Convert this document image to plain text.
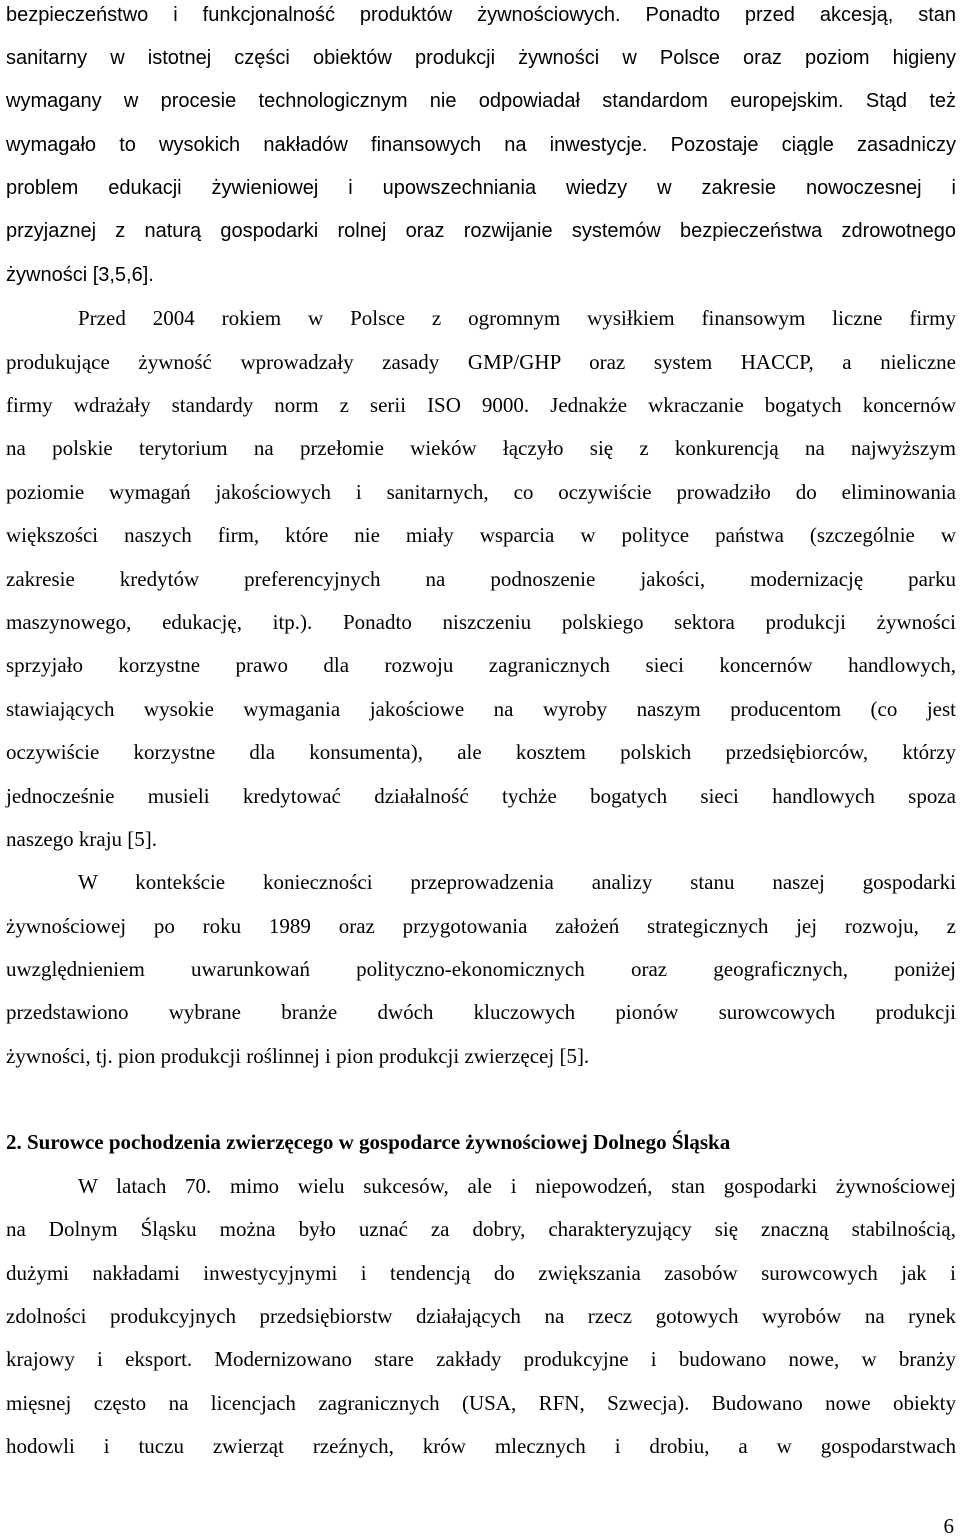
bezpieczeństwo i funkcjonalność produktów żywnościowych. Ponadto przed akcesją, stan
sanitarny w istotnej części obiektów produkcji żywności w Polsce oraz poziom higieny
wymagany w procesie technologicznym nie odpowiadał standardom europejskim. Stąd też
wymagało to wysokich nakładów finansowych na inwestycje. Pozostaje ciągle zasadniczy
problem edukacji żywieniowej i upowszechniania wiedzy w zakresie nowoczesnej i
przyjaznej z naturą gospodarki rolnej oraz rozwijanie systemów bezpieczeństwa zdrowotnego
żywności [3,5,6].
Przed 2004 rokiem w Polsce z ogromnym wysiłkiem finansowym liczne firmy
produkujące żywność wprowadzały zasady GMP/GHP oraz system HACCP, a nieliczne
firmy wdrażały standardy norm z serii ISO 9000. Jednakże wkraczanie bogatych koncernów
na polskie terytorium na przełomie wieków łączyło się z konkurencją na najwyższym
poziomie wymagań jakościowych i sanitarnych, co oczywiście prowadziło do eliminowania
większości naszych firm, które nie miały wsparcia w polityce państwa (szczególnie w
zakresie kredytów preferencyjnych na podnoszenie jakości, modernizację parku
maszynowego, edukację, itp.). Ponadto niszczeniu polskiego sektora produkcji żywności
sprzyjało korzystne prawo dla rozwoju zagranicznych sieci koncernów handlowych,
stawiających wysokie wymagania jakościowe na wyroby naszym producentom (co jest
oczywiście korzystne dla konsumenta), ale kosztem polskich przedsiębiorców, którzy
jednocześnie musieli kredytować działalność tychże bogatych sieci handlowych spoza
naszego kraju [5].
W kontekście konieczności przeprowadzenia analizy stanu naszej gospodarki
żywnościowej po roku 1989 oraz przygotowania założeń strategicznych jej rozwoju, z
uwzględnieniem uwarunkowań polityczno-ekonomicznych oraz geograficznych, poniżej
przedstawiono wybrane branże dwóch kluczowych pionów surowcowych produkcji
żywności, tj. pion produkcji roślinnej i pion produkcji zwierzęcej [5].
2. Surowce pochodzenia zwierzęcego w gospodarce żywnościowej Dolnego Śląska
W latach 70. mimo wielu sukcesów, ale i niepowodzeń, stan gospodarki żywnościowej
na Dolnym Śląsku można było uznać za dobry, charakteryzujący się znaczną stabilnością,
dużymi nakładami inwestycyjnymi i tendencją do zwiększania zasobów surowcowych jak i
zdolności produkcyjnych przedsiębiorstw działających na rzecz gotowych wyrobów na rynek
krajowy i eksport. Modernizowano stare zakłady produkcyjne i budowano nowe, w branży
mięsnej często na licencjach zagranicznych (USA, RFN, Szwecja). Budowano nowe obiekty
hodowli i tuczu zwierząt rzeźnych, krów mlecznych i drobiu, a w gospodarstwach
6
